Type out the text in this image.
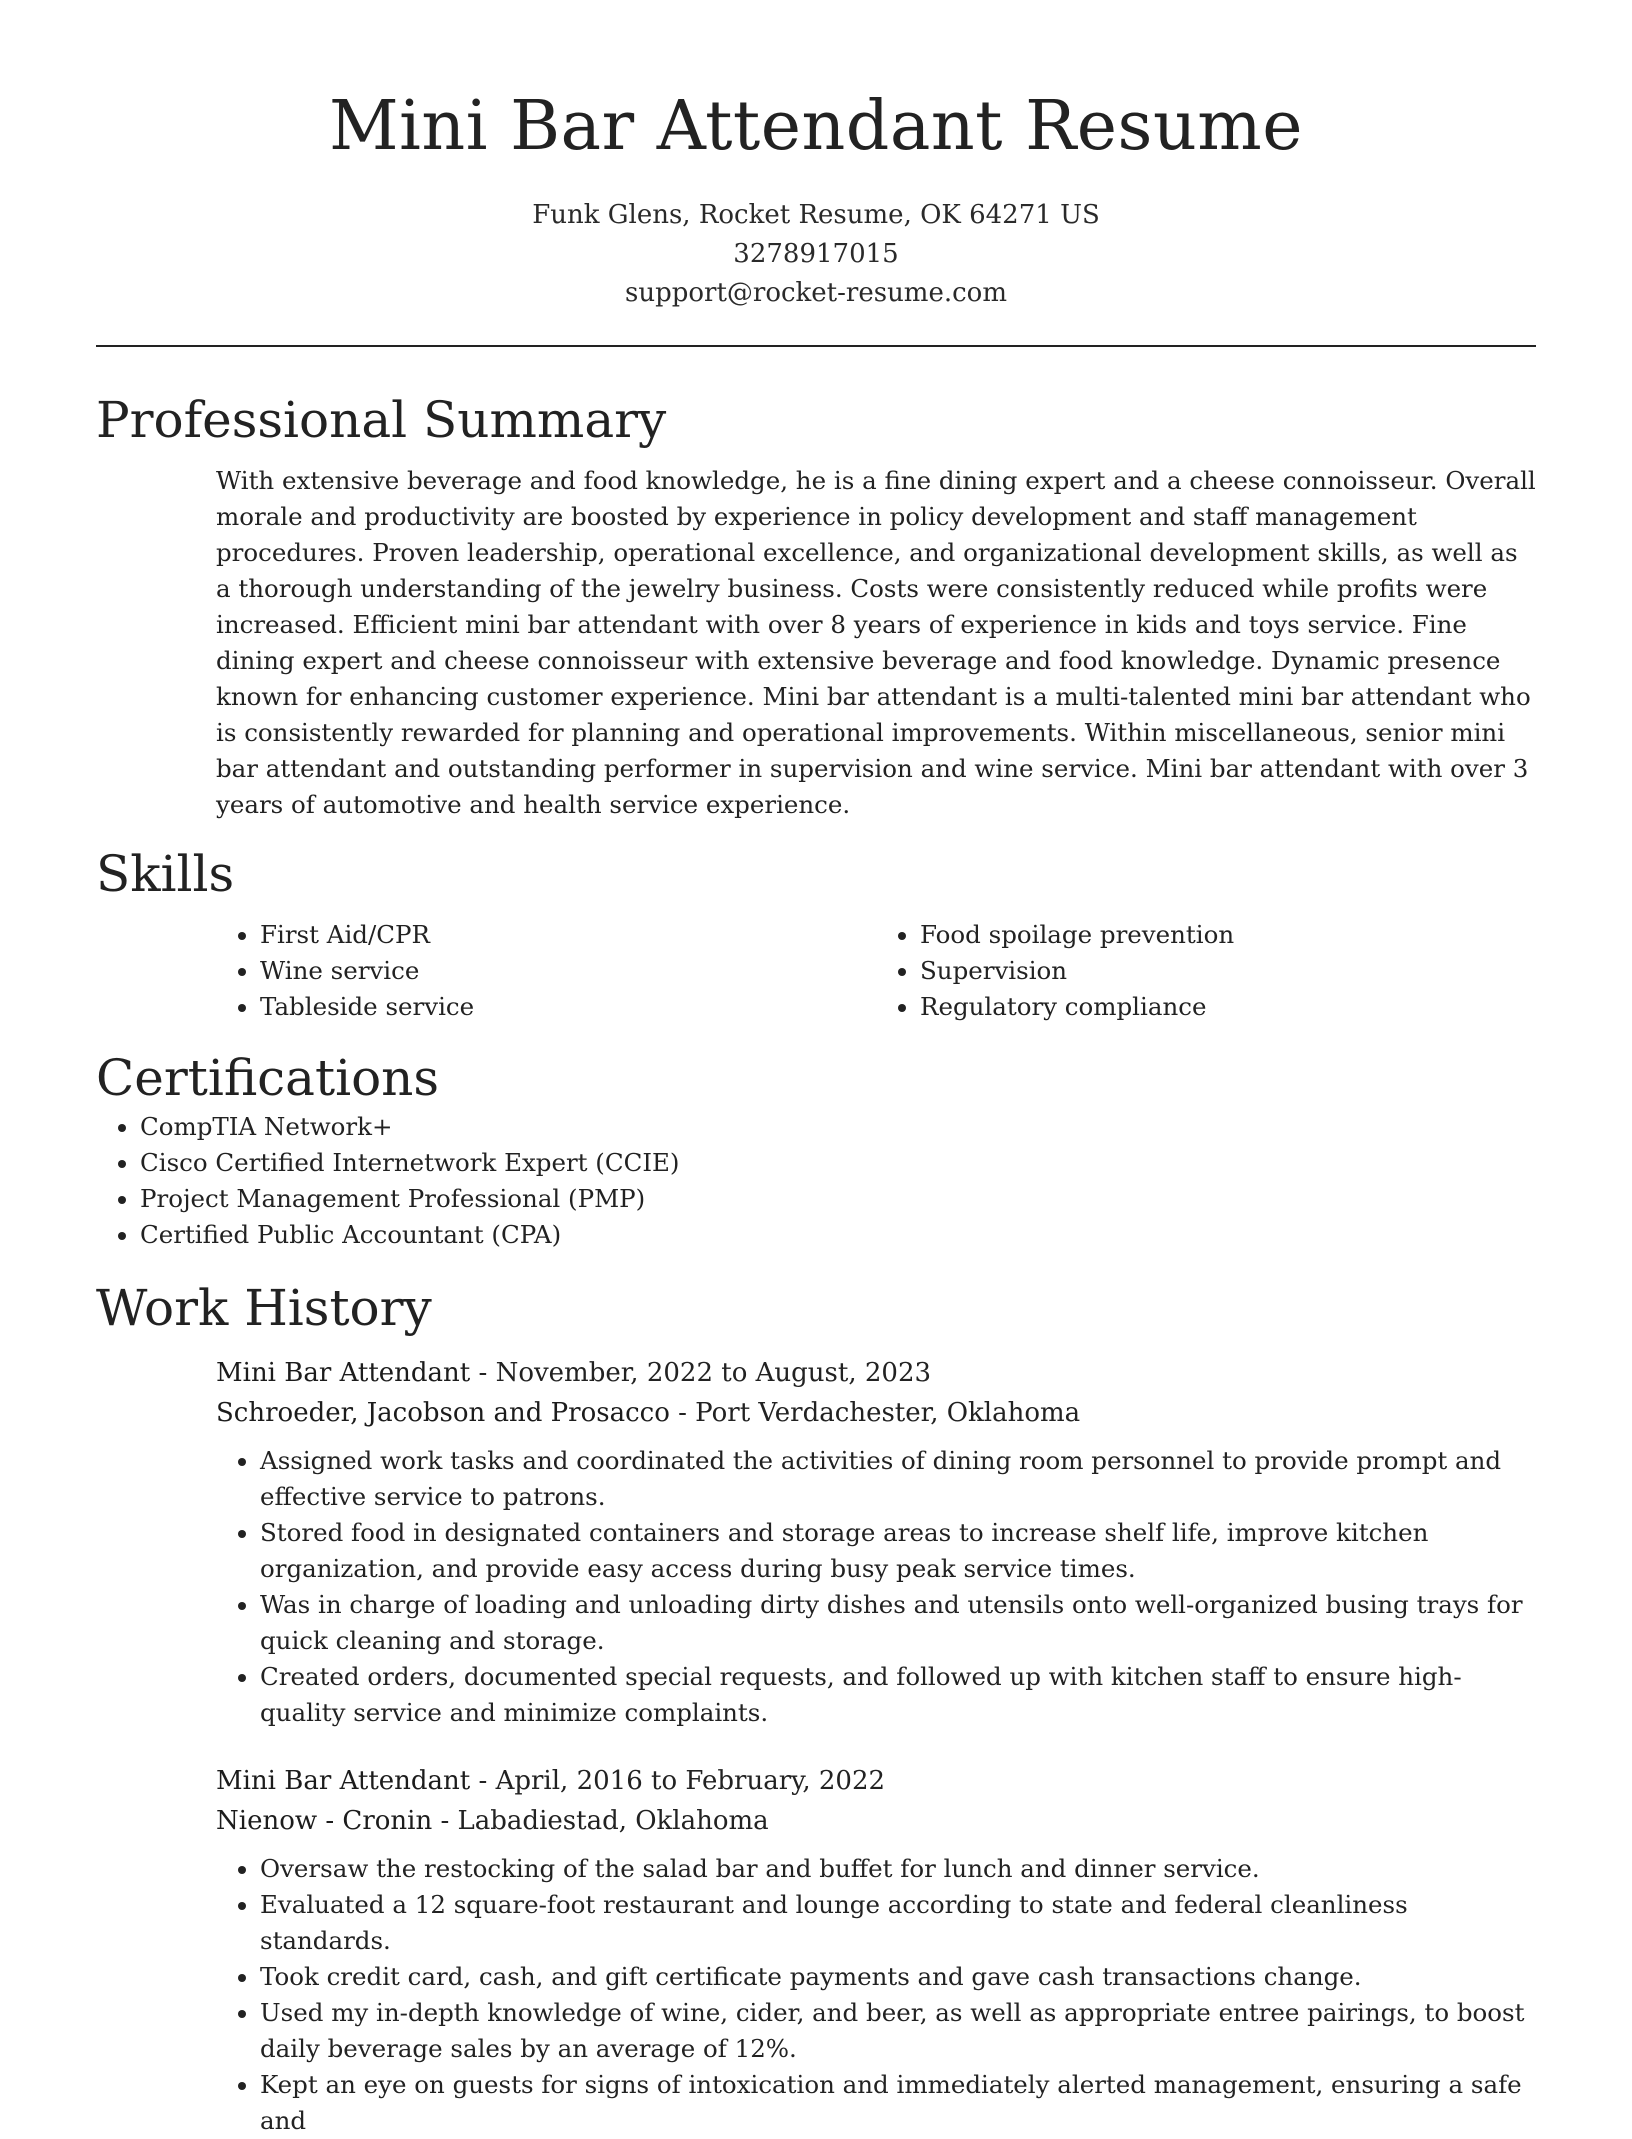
Mini Bar Attendant Resume
Funk Glens, Rocket Resume, OK 64271 US
3278917015
support@rocket-resume.com
Professional Summary

With extensive beverage and food knowledge, he is a fine dining expert and a cheese connoisseur. Overall morale and productivity are boosted by experience in policy development and staff management procedures. Proven leadership, operational excellence, and organizational development skills, as well as a thorough understanding of the jewelry business. Costs were consistently reduced while profits were increased. Efficient mini bar attendant with over 8 years of experience in kids and toys service. Fine dining expert and cheese connoisseur with extensive beverage and food knowledge. Dynamic presence known for enhancing customer experience. Mini bar attendant is a multi-talented mini bar attendant who is consistently rewarded for planning and operational improvements. Within miscellaneous, senior mini bar attendant and outstanding performer in supervision and wine service. Mini bar attendant with over 3 years of automotive and health service experience.

Skills
• First Aid/CPR
• Wine service
• Tableside service
• Food spoilage prevention
• Supervision
• Regulatory compliance
Certifications
• CompTIA Network+
• Cisco Certified Internetwork Expert (CCIE)
• Project Management Professional (PMP)
• Certified Public Accountant (CPA)
Work History
Mini Bar Attendant - November, 2022 to August, 2023
Schroeder, Jacobson and Prosacco - Port Verdachester, Oklahoma
• Assigned work tasks and coordinated the activities of dining room personnel to provide prompt and effective service to patrons.
• Stored food in designated containers and storage areas to increase shelf life, improve kitchen organization, and provide easy access during busy peak service times.
• Was in charge of loading and unloading dirty dishes and utensils onto well-organized busing trays for quick cleaning and storage.
• Created orders, documented special requests, and followed up with kitchen staff to ensure high-quality service and minimize complaints.
Mini Bar Attendant - April, 2016 to February, 2022
Nienow - Cronin - Labadiestad, Oklahoma
• Oversaw the restocking of the salad bar and buffet for lunch and dinner service.
• Evaluated a 12 square-foot restaurant and lounge according to state and federal cleanliness standards.
• Took credit card, cash, and gift certificate payments and gave cash transactions change.
• Used my in-depth knowledge of wine, cider, and beer, as well as appropriate entree pairings, to boost daily beverage sales by an average of 12%.
• Kept an eye on guests for signs of intoxication and immediately alerted management, ensuring a safe and
